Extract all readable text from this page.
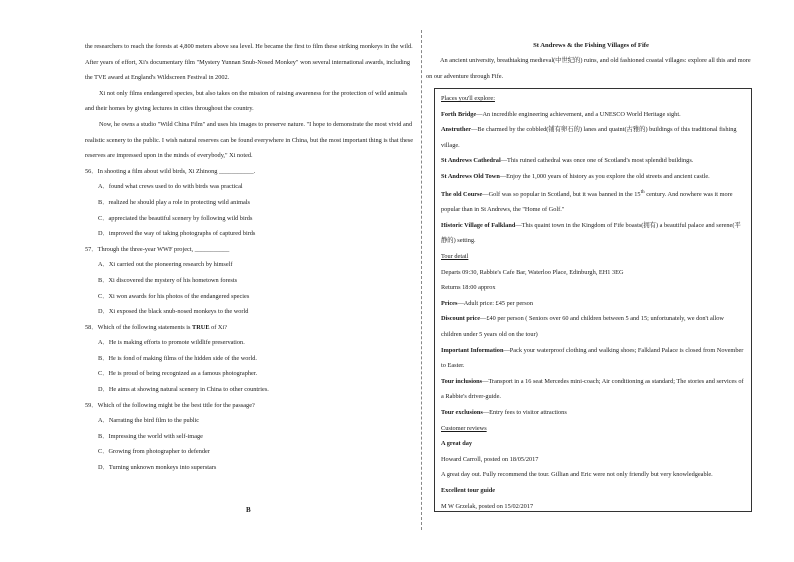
the researchers to reach the forests at 4,800 meters above sea level. He became the first to film these striking monkeys in the wild. After years of effort, Xi's documentary film "Mystery Yunnan Snub-Nosed Monkey" won several international awards, including the TVE award at England's Wildscreen Festival in 2002.

Xi not only films endangered species, but also takes on the mission of raising awareness for the protection of wild animals and their homes by giving lectures in cities throughout the country.

Now, he owns a studio "Wild China Film" and uses his images to preserve nature. "I hope to demonstrate the most vivid and realistic scenery to the public. I wish natural reserves can be found everywhere in China, but the most important thing is that these reserves are impressed upon in the minds of everybody," Xi noted.

56．In shooting a film about wild birds, Xi Zhinong ___________.

A．found what crews used to do with birds was practical

B．realized he should play a role in protecting wild animals

C．appreciated the beautiful scenery by following wild birds

D．improved the way of taking photographs of captured birds

57．Through the three-year WWF project, ___________

A．Xi carried out the pioneering research by himself

B．Xi discovered the mystery of his hometown forests

C．Xi won awards for his photos of the endangered species

D．Xi exposed the black snub-nosed monkeys to the world

58．Which of the following statements is TRUE of Xi?

A．He is making efforts to promote wildlife preservation.

B．He is fond of making films of the hidden side of the world.

C．He is proud of being recognized as a famous photographer.

D．He aims at showing natural scenery in China to other countries.

59．Which of the following might be the best title for the passage?

A．Narrating the bird film to the public

B．Impressing the world with self-image

C．Growing from photographer to defender

D．Turning unknown monkeys into superstars

B

St Andrews & the Fishing Villages of Fife

An ancient university, breathtaking medieval(中世纪的) ruins, and old fashioned coastal villages: explore all this and more on our adventure through Fife.

Places you'll explore:

Forth Bridge—An incredible engineering achievement, and a UNESCO World Heritage sight.

Anstruther—Be charmed by the cobbled(铺有卵石的) lanes and quaint(古雅的) buildings of this traditional fishing village.

St Andrews Cathedral—This ruined cathedral was once one of Scotland's most splendid buildings.

St Andrews Old Town—Enjoy the 1,000 years of history as you explore the old streets and ancient castle.

The old Course—Golf was so popular in Scotland, but it was banned in the 15th century. And nowhere was it more popular than in St Andrews, the "Home of Golf."

Historic Village of Falkland—This quaint town in the Kingdom of Fife boasts(拥有) a beautiful palace and serene(平静的) setting.

Tour detail

Departs 09:30, Rabbie's Cafe Bar, Waterloo Place, Edinburgh, EH1 3EG

Returns 18:00 approx

Prices—Adult price: £45 per person

Discount price—£40 per person ( Seniors over 60 and children between 5 and 15; unfortunately, we don't allow children under 5 years old on the tour)

Important Information—Pack your waterproof clothing and walking shoes; Falkland Palace is closed from November to Easter.

Tour inclusions—Transport in a 16 seat Mercedes mini-coach; Air conditioning as standard; The stories and services of a Rabbie's driver-guide.

Tour exclusions—Entry fees to visitor attractions

Customer reviews

A great day

Howard Carroll, posted on 18/05/2017

A great day out. Fully recommend the tour. Gillian and Eric were not only friendly but very knowledgeable.

Excellent tour guide

M W Grzelak, posted on 15/02/2017
